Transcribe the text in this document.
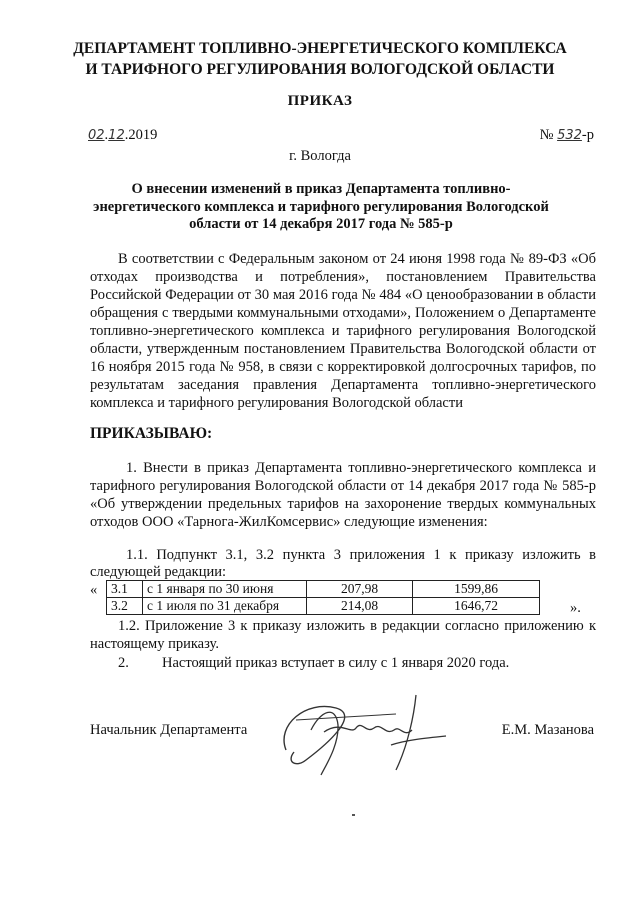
ДЕПАРТАМЕНТ ТОПЛИВНО-ЭНЕРГЕТИЧЕСКОГО КОМПЛЕКСА
И ТАРИФНОГО РЕГУЛИРОВАНИЯ ВОЛОГОДСКОЙ ОБЛАСТИ
ПРИКАЗ
02.12.2019	№ 532-р
г. Вологда
О внесении изменений в приказ Департамента топливно-энергетического комплекса и тарифного регулирования Вологодской области от 14 декабря 2017 года № 585-р
В соответствии с Федеральным законом от 24 июня 1998 года № 89-ФЗ «Об отходах производства и потребления», постановлением Правительства Российской Федерации от 30 мая 2016 года № 484 «О ценообразовании в области обращения с твердыми коммунальными отходами», Положением о Департаменте топливно-энергетического комплекса и тарифного регулирования Вологодской области, утвержденным постановлением Правительства Вологодской области от 16 ноября 2015 года № 958, в связи с корректировкой долгосрочных тарифов, по результатам заседания правления Департамента топливно-энергетического комплекса и тарифного регулирования Вологодской области
ПРИКАЗЫВАЮ:
1. Внести в приказ Департамента топливно-энергетического комплекса и тарифного регулирования Вологодской области от 14 декабря 2017 года № 585-р «Об утверждении предельных тарифов на захоронение твердых коммунальных отходов ООО «Тарнога-ЖилКомсервис» следующие изменения:
1.1. Подпункт 3.1, 3.2 пункта 3 приложения 1 к приказу изложить в следующей редакции:
« 3.1	с 1 января по 30 июня	207,98	1599,86
3.2	с 1 июля по 31 декабря	214,08	1646,72	».
1.2. Приложение 3 к приказу изложить в редакции согласно приложению к настоящему приказу.
2. Настоящий приказ вступает в силу с 1 января 2020 года.
Начальник Департамента	Е.М. Мазанова
